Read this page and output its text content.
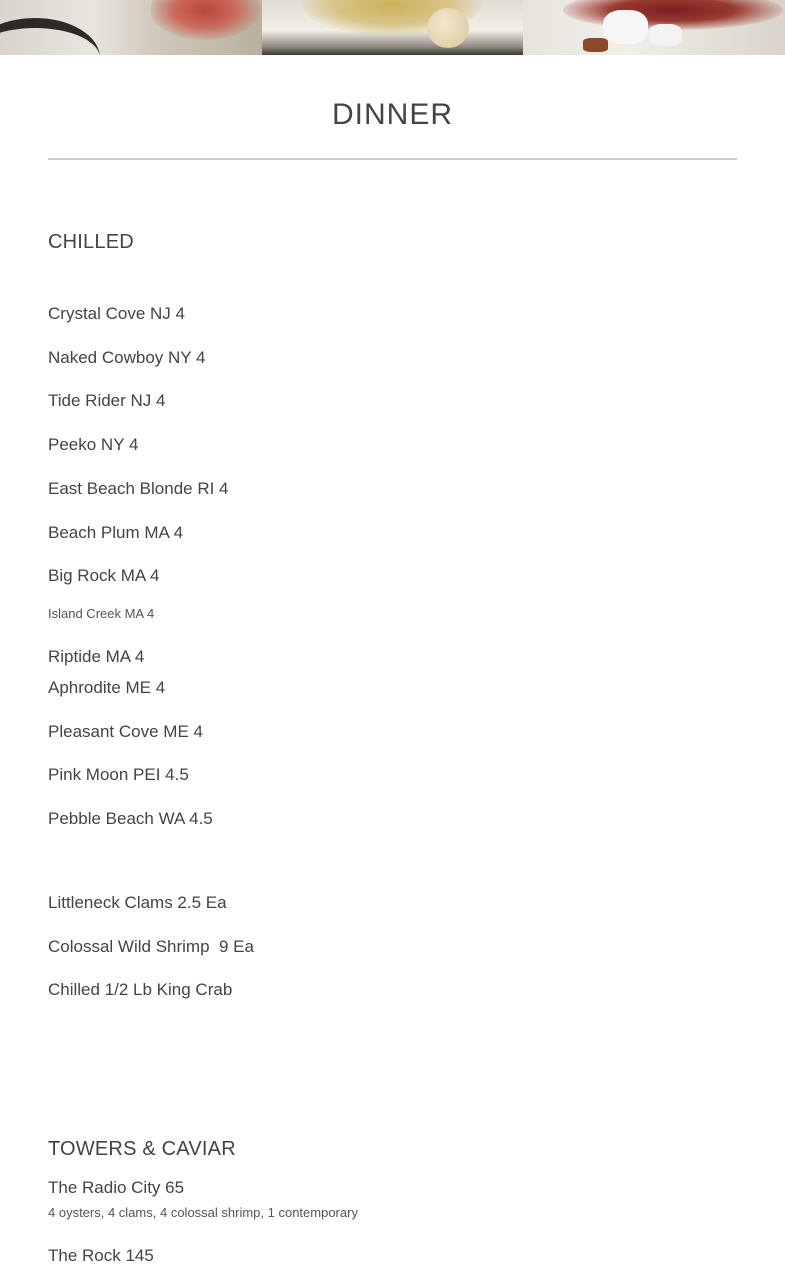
DINNER
CHILLED

Crystal Cove NJ 4

Naked Cowboy NY 4

Tide Rider NJ 4

Peeko NY 4

East Beach Blonde RI 4

Beach Plum MA 4

Big Rock MA 4

Island Creek MA 4

Riptide MA 4

Aphrodite ME 4

Pleasant Cove ME 4

Pink Moon PEI 4.5

Pebble Beach WA 4.5

Littleneck Clams 2.5 Ea

Colossal Wild Shrimp  9 Ea

Chilled 1/2 Lb King Crab

TOWERS & CAVIAR

The Radio City 65

4 oysters, 4 clams, 4 colossal shrimp, 1 contemporary

The Rock 145
